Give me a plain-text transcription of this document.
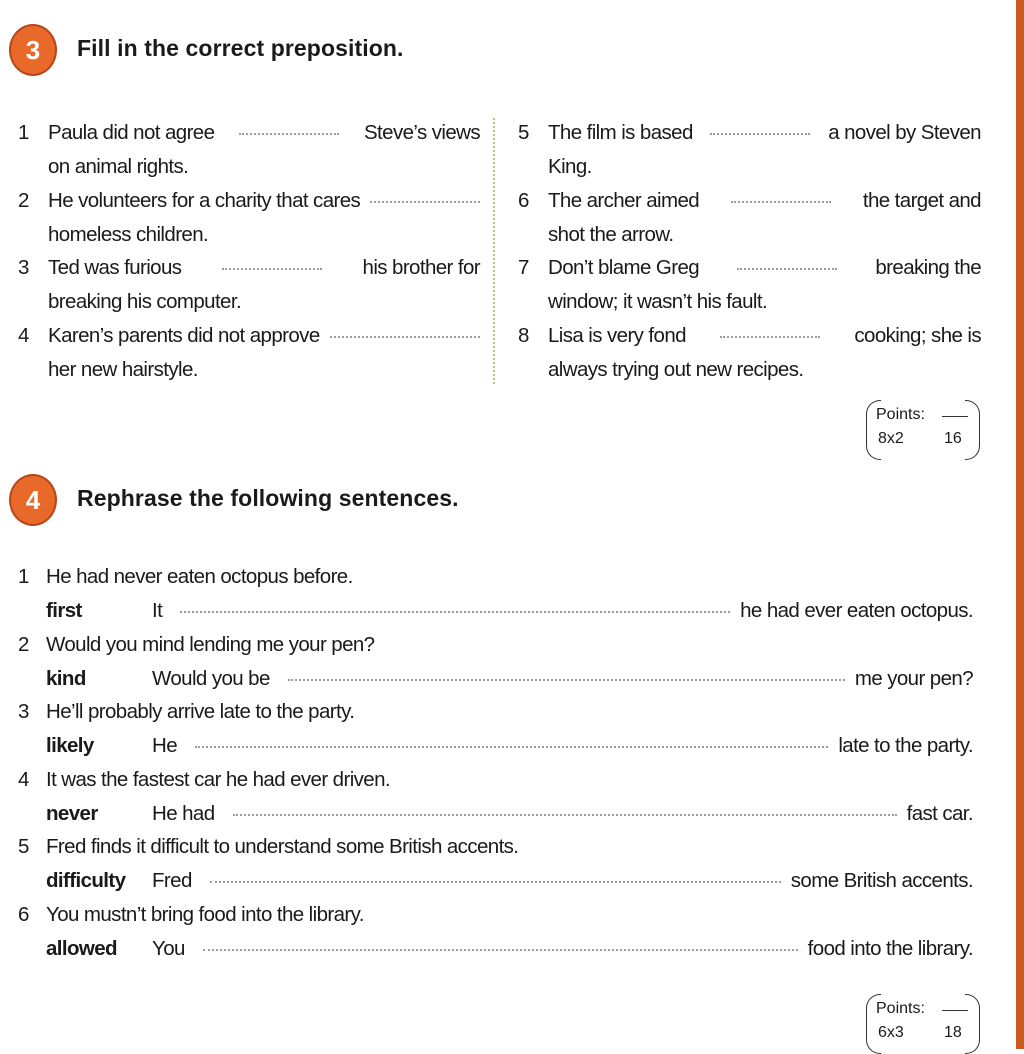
3	Fill in the correct preposition.
1 Paula did not agree	Steve’s views
on animal rights.
2 He volunteers for a charity that cares
homeless children.
3 Ted was furious	his brother for
breaking his computer.
4 Karen’s parents did not approve
her new hairstyle.
5 The film is based	a novel by Steven
King.
6 The archer aimed	the target and
shot the arrow.
7 Don’t blame Greg	breaking the
window; it wasn’t his fault.
8 Lisa is very fond	cooking; she is
always trying out new recipes.
Points:
8x2	16
4	Rephrase the following sentences.
1 He had never eaten octopus before.
first	It	he had ever eaten octopus.
2 Would you mind lending me your pen?
kind	Would you be	me your pen?
3 He’ll probably arrive late to the party.
likely	He	late to the party.
4 It was the fastest car he had ever driven.
never	He had	fast car.
5 Fred finds it difficult to understand some British accents.
difficulty	Fred	some British accents.
6 You mustn’t bring food into the library.
allowed	You	food into the library.
Points:
6x3	18
